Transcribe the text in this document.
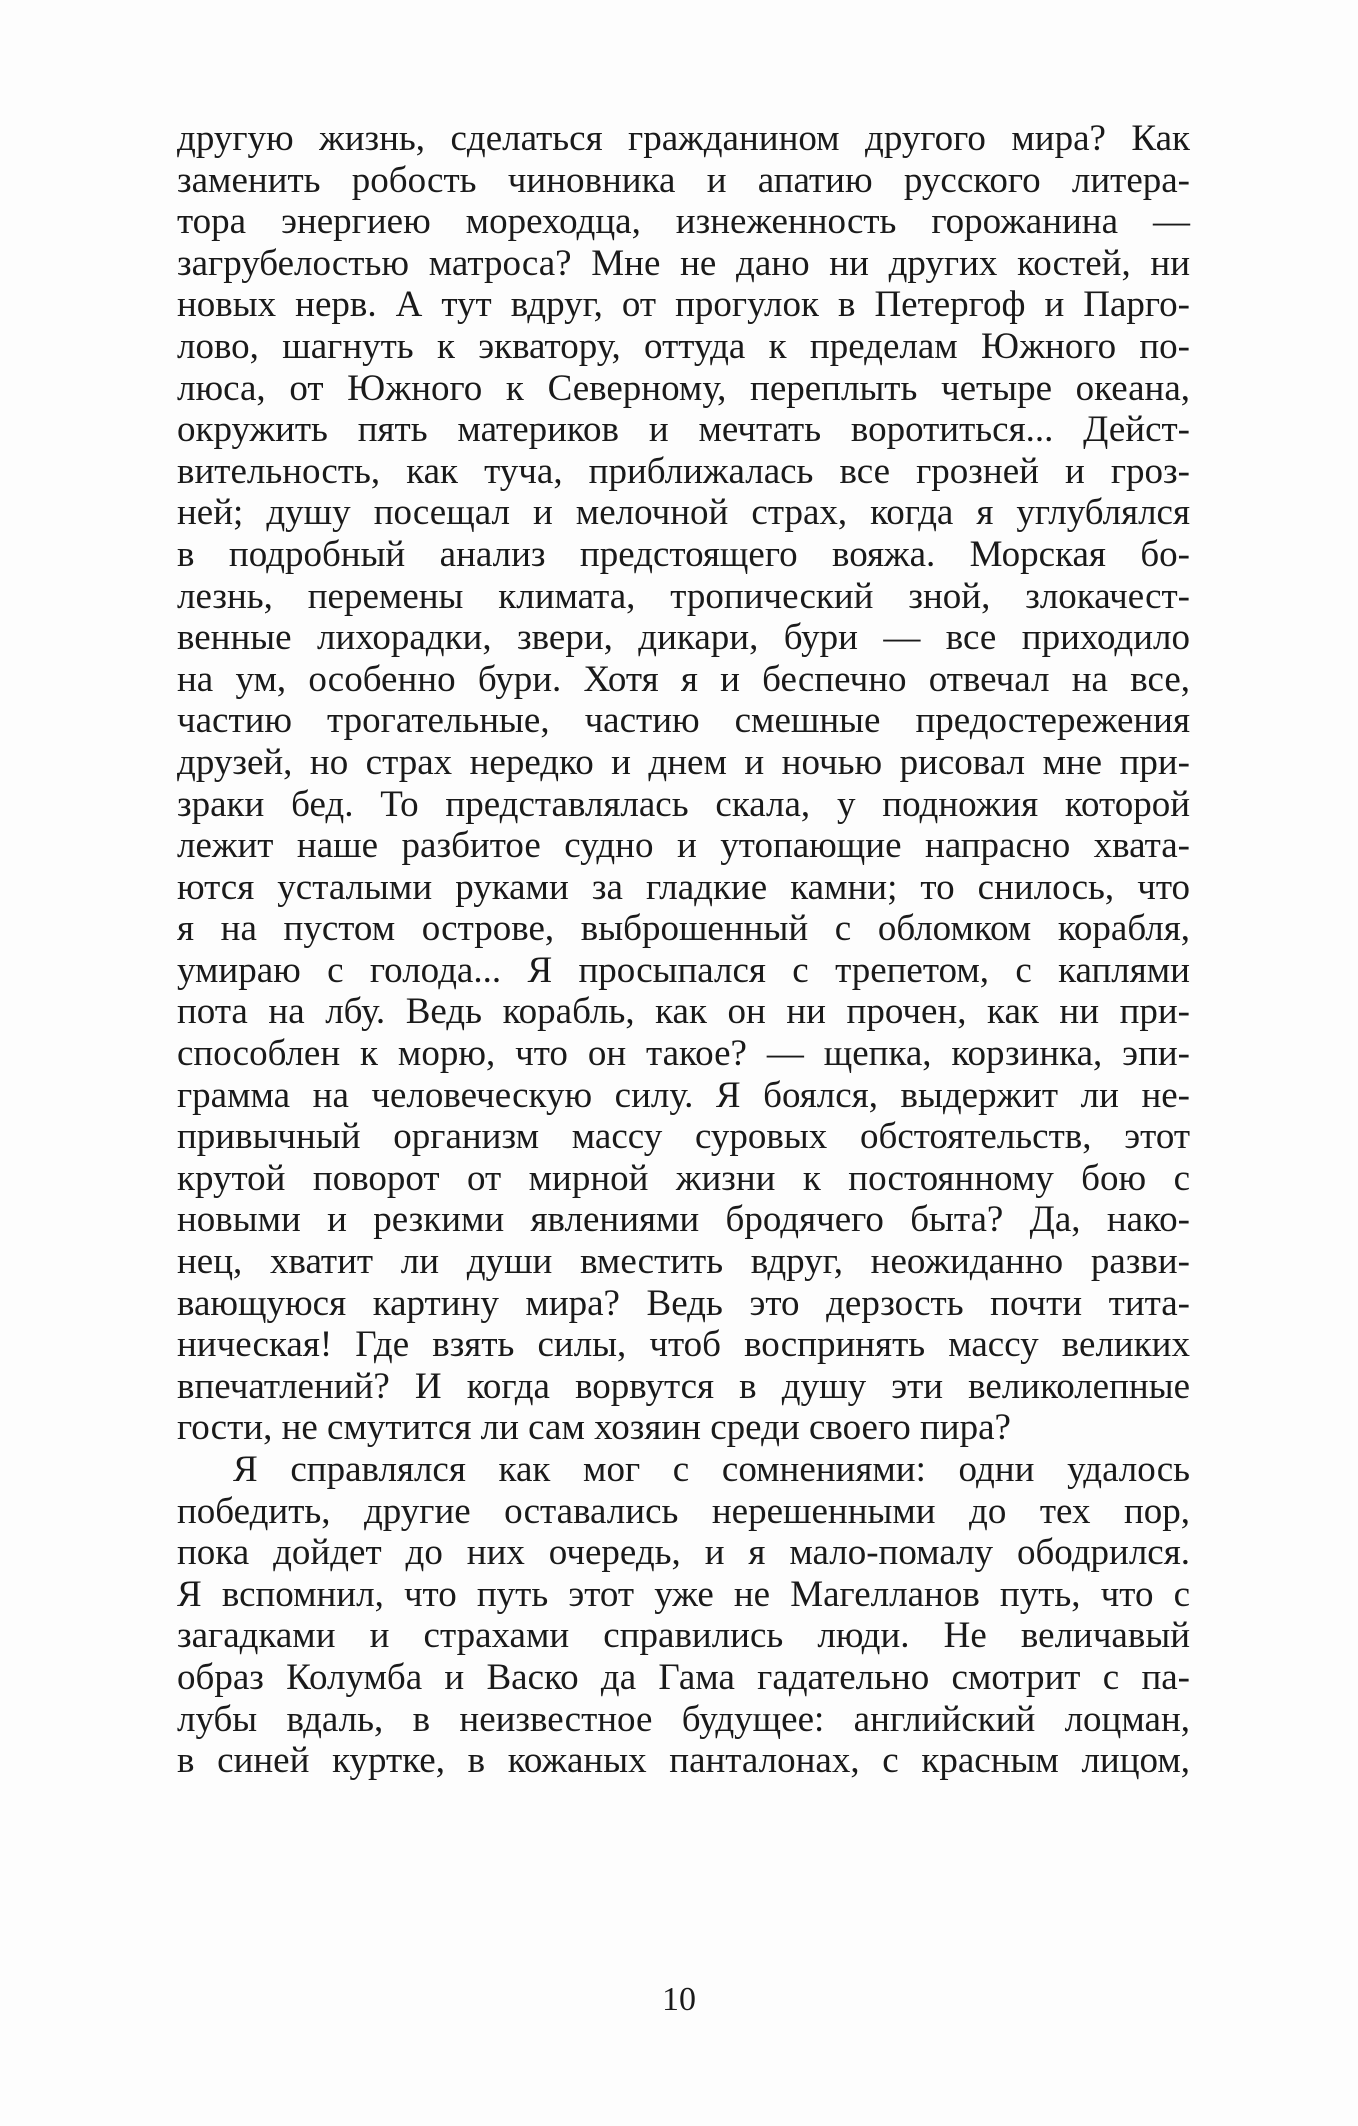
другую жизнь, сделаться гражданином другого мира? Как
заменить робость чиновника и апатию русского литера-
тора энергиею мореходца, изнеженность горожанина —
загрубелостью матроса? Мне не дано ни других костей, ни
новых нерв. А тут вдруг, от прогулок в Петергоф и Парго-
лово, шагнуть к экватору, оттуда к пределам Южного по-
люса, от Южного к Северному, переплыть четыре океана,
окружить пять материков и мечтать воротиться... Дейст-
вительность, как туча, приближалась все грозней и гроз-
ней; душу посещал и мелочной страх, когда я углублялся
в подробный анализ предстоящего вояжа. Морская бо-
лезнь, перемены климата, тропический зной, злокачест-
венные лихорадки, звери, дикари, бури — все приходило
на ум, особенно бури. Хотя я и беспечно отвечал на все,
частию трогательные, частию смешные предостережения
друзей, но страх нередко и днем и ночью рисовал мне при-
зраки бед. То представлялась скала, у подножия которой
лежит наше разбитое судно и утопающие напрасно хвата-
ются усталыми руками за гладкие камни; то снилось, что
я на пустом острове, выброшенный с обломком корабля,
умираю с голода... Я просыпался с трепетом, с каплями
пота на лбу. Ведь корабль, как он ни прочен, как ни при-
способлен к морю, что он такое? — щепка, корзинка, эпи-
грамма на человеческую силу. Я боялся, выдержит ли не-
привычный организм массу суровых обстоятельств, этот
крутой поворот от мирной жизни к постоянному бою с
новыми и резкими явлениями бродячего быта? Да, нако-
нец, хватит ли души вместить вдруг, неожиданно разви-
вающуюся картину мира? Ведь это дерзость почти тита-
ническая! Где взять силы, чтоб воспринять массу великих
впечатлений? И когда ворвутся в душу эти великолепные
гости, не смутится ли сам хозяин среди своего пира?
Я справлялся как мог с сомнениями: одни удалось
победить, другие оставались нерешенными до тех пор,
пока дойдет до них очередь, и я мало-помалу ободрился.
Я вспомнил, что путь этот уже не Магелланов путь, что с
загадками и страхами справились люди. Не величавый
образ Колумба и Васко да Гама гадательно смотрит с па-
лубы вдаль, в неизвестное будущее: английский лоцман,
в синей куртке, в кожаных панталонах, с красным лицом,
10
